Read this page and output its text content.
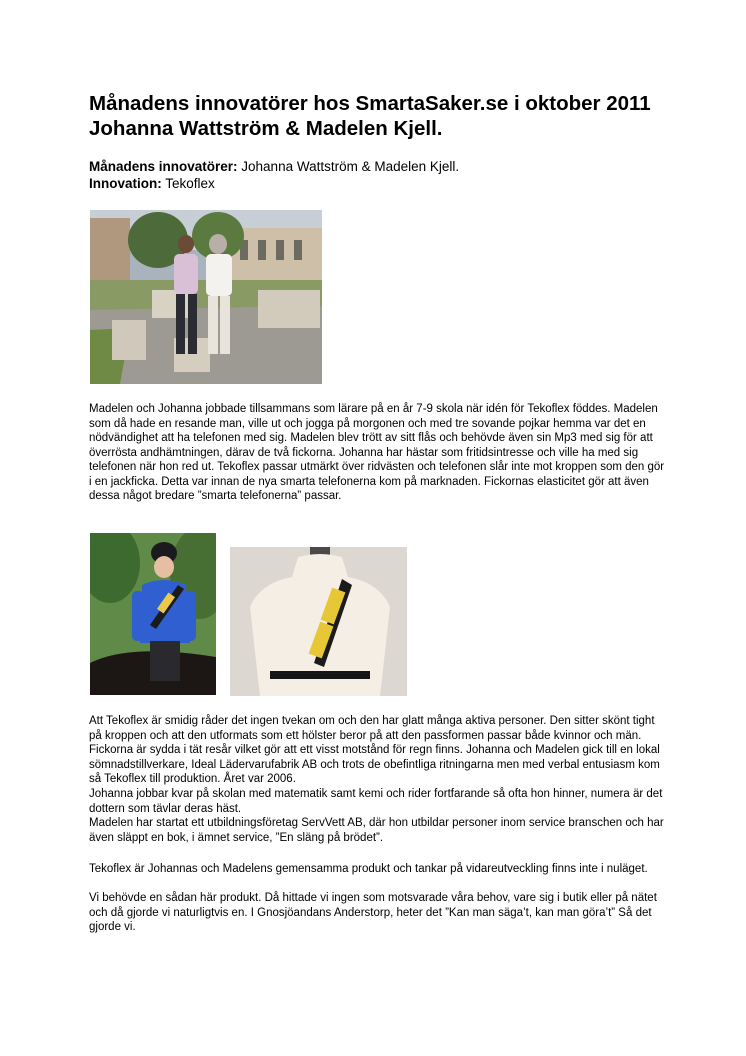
Månadens innovatörer hos SmartaSaker.se i oktober 2011 Johanna Wattström & Madelen Kjell.
Månadens innovatörer: Johanna Wattström & Madelen Kjell.
Innovation: Tekoflex

Madelen och Johanna jobbade tillsammans som lärare på en år 7-9 skola när idén för Tekoflex föddes. Madelen som då hade en resande man, ville ut och jogga på morgonen och med tre sovande pojkar hemma var det en nödvändighet att ha telefonen med sig. Madelen blev trött av sitt flås och behövde även sin Mp3 med sig för att överrösta andhämtningen, därav de två fickorna. Johanna har hästar som fritidsintresse och ville ha med sig telefonen när hon red ut. Tekoflex passar utmärkt över ridvästen och telefonen slår inte mot kroppen som den gör i en jackficka. Detta var innan de nya smarta telefonerna kom på marknaden. Fickornas elasticitet gör att även dessa något bredare ”smarta telefonerna” passar.

Att Tekoflex är smidig råder det ingen tvekan om och den har glatt många aktiva personer. Den sitter skönt tight på kroppen och att den utformats som ett hölster beror på att den passformen passar både kvinnor och män. Fickorna är sydda i tät resår vilket gör att ett visst motstånd för regn finns. Johanna och Madelen gick till en lokal sömnadstillverkare, Ideal Lädervarufabrik AB och trots de obefintliga ritningarna men med verbal entusiasm kom så Tekoflex till produktion. Året var 2006.

Johanna jobbar kvar på skolan med matematik samt kemi och rider fortfarande så ofta hon hinner, numera är det dottern som tävlar deras häst.

Madelen har startat ett utbildningsföretag ServVett AB, där hon utbildar personer inom service branschen och har även släppt en bok, i ämnet service, ”En släng på brödet”.

Tekoflex är Johannas och Madelens gemensamma produkt och tankar på vidareutveckling finns inte i nuläget.

Vi behövde en sådan här produkt. Då hittade vi ingen som motsvarade våra behov, vare sig i butik eller på nätet och då gjorde vi naturligtvis en. I Gnosjöandans Anderstorp, heter det ”Kan man säga’t, kan man göra’t” Så det gjorde vi.
